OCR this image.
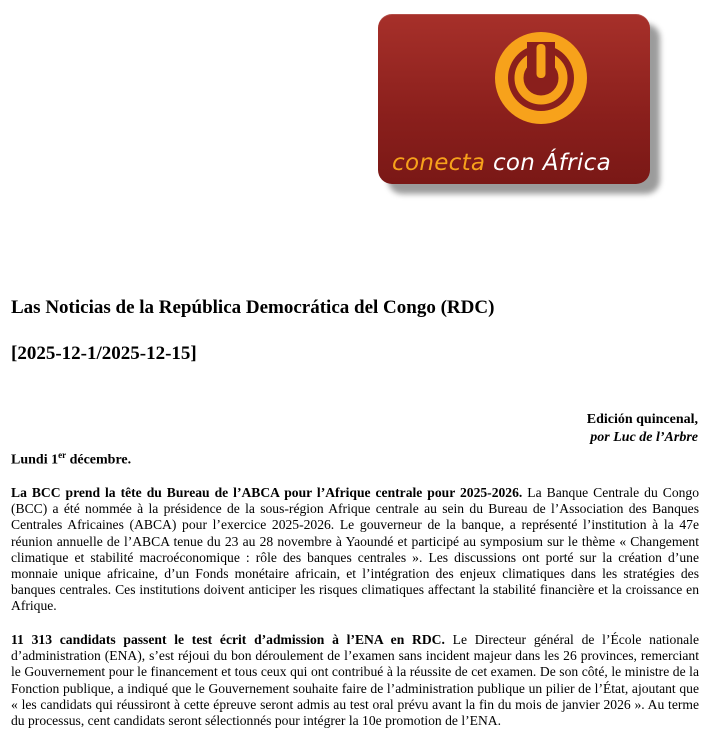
conecta con África
Las Noticias de la República Democrática del Congo (RDC)
[2025-12-1/2025-12-15]
Edición quincenal,
por Luc de l’Arbre
Lundi 1er décembre.

La BCC prend la tête du Bureau de l’ABCA pour l’Afrique centrale pour 2025-2026. La Banque Centrale du Congo (BCC) a été nommée à la présidence de la sous-région Afrique centrale au sein du Bureau de l’Association des Banques Centrales Africaines (ABCA) pour l’exercice 2025-2026. Le gouverneur de la banque, a représenté l’institution à la 47e réunion annuelle de l’ABCA tenue du 23 au 28 novembre à Yaoundé et participé au symposium sur le thème « Changement climatique et stabilité macroéconomique : rôle des banques centrales ». Les discussions ont porté sur la création d’une monnaie unique africaine, d’un Fonds monétaire africain, et l’intégration des enjeux climatiques dans les stratégies des banques centrales. Ces institutions doivent anticiper les risques climatiques affectant la stabilité financière et la croissance en Afrique.

11 313 candidats passent le test écrit d’admission à l’ENA en RDC. Le Directeur général de l’École nationale d’administration (ENA), s’est réjoui du bon déroulement de l’examen sans incident majeur dans les 26 provinces, remerciant le Gouvernement pour le financement et tous ceux qui ont contribué à la réussite de cet examen. De son côté, le ministre de la Fonction publique, a indiqué que le Gouvernement souhaite faire de l’administration publique un pilier de l’État, ajoutant que « les candidats qui réussiront à cette épreuve seront admis au test oral prévu avant la fin du mois de janvier 2026 ». Au terme du processus, cent candidats seront sélectionnés pour intégrer la 10e promotion de l’ENA.
